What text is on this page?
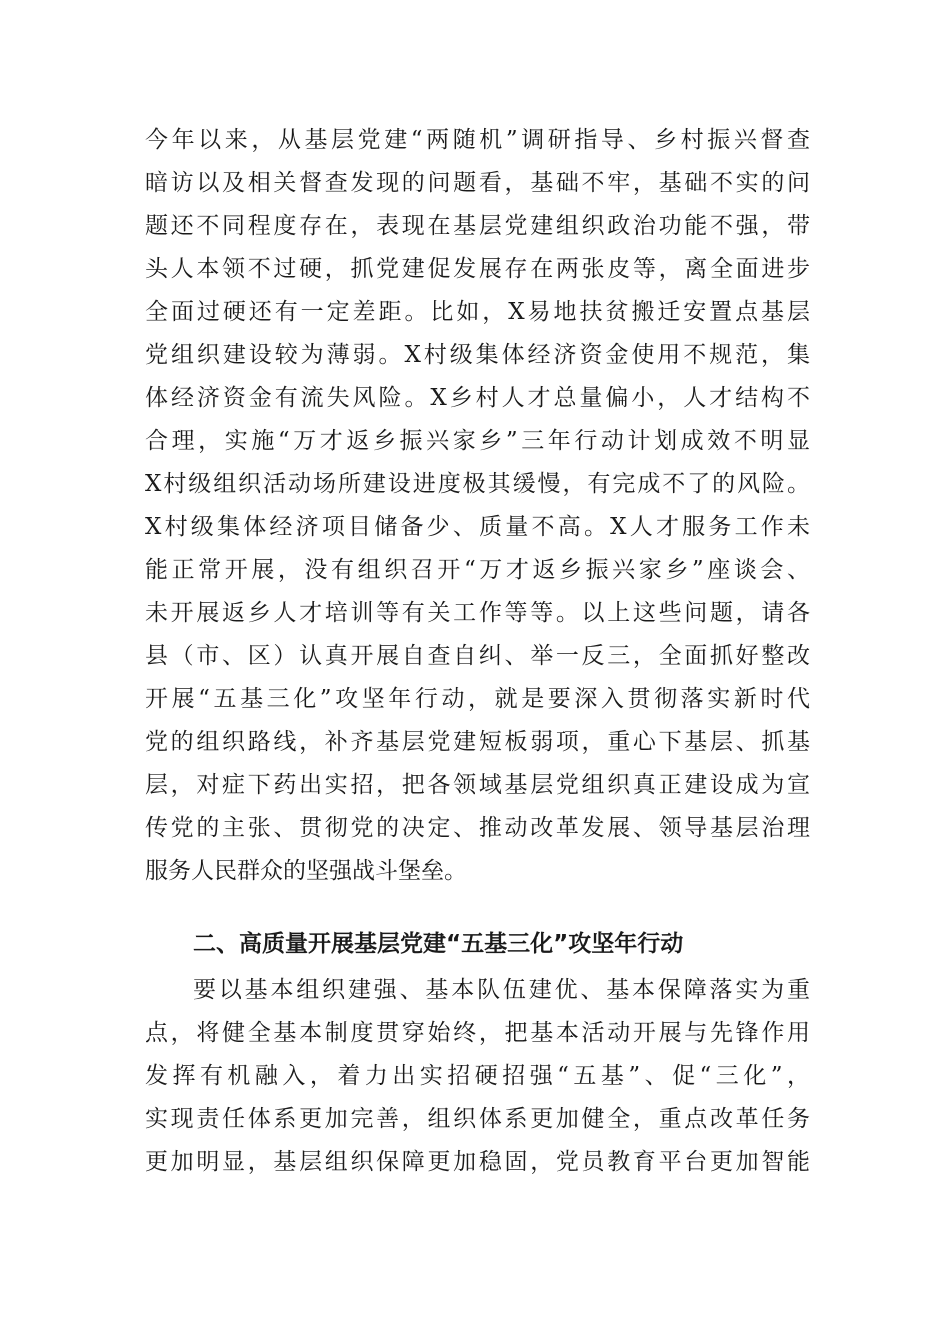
今年以来，从基层党建“两随机”调研指导、乡村振兴督查
暗访以及相关督查发现的问题看，基础不牢，基础不实的问
题还不同程度存在，表现在基层党建组织政治功能不强，带
头人本领不过硬，抓党建促发展存在两张皮等，离全面进步
全面过硬还有一定差距。比如，X易地扶贫搬迁安置点基层
党组织建设较为薄弱。X村级集体经济资金使用不规范，集
体经济资金有流失风险。X乡村人才总量偏小，人才结构不
合理，实施“万才返乡振兴家乡”三年行动计划成效不明显
X村级组织活动场所建设进度极其缓慢，有完成不了的风险。
X村级集体经济项目储备少、质量不高。X人才服务工作未
能正常开展，没有组织召开“万才返乡振兴家乡”座谈会、
未开展返乡人才培训等有关工作等等。以上这些问题，请各
县（市、区）认真开展自查自纠、举一反三，全面抓好整改
开展“五基三化”攻坚年行动，就是要深入贯彻落实新时代
党的组织路线，补齐基层党建短板弱项，重心下基层、抓基
层，对症下药出实招，把各领域基层党组织真正建设成为宣
传党的主张、贯彻党的决定、推动改革发展、领导基层治理
服务人民群众的坚强战斗堡垒。
二、高质量开展基层党建“五基三化”攻坚年行动
要以基本组织建强、基本队伍建优、基本保障落实为重
点，将健全基本制度贯穿始终，把基本活动开展与先锋作用
发挥有机融入，着力出实招硬招强“五基”、促“三化”，
实现责任体系更加完善，组织体系更加健全，重点改革任务
更加明显，基层组织保障更加稳固，党员教育平台更加智能
